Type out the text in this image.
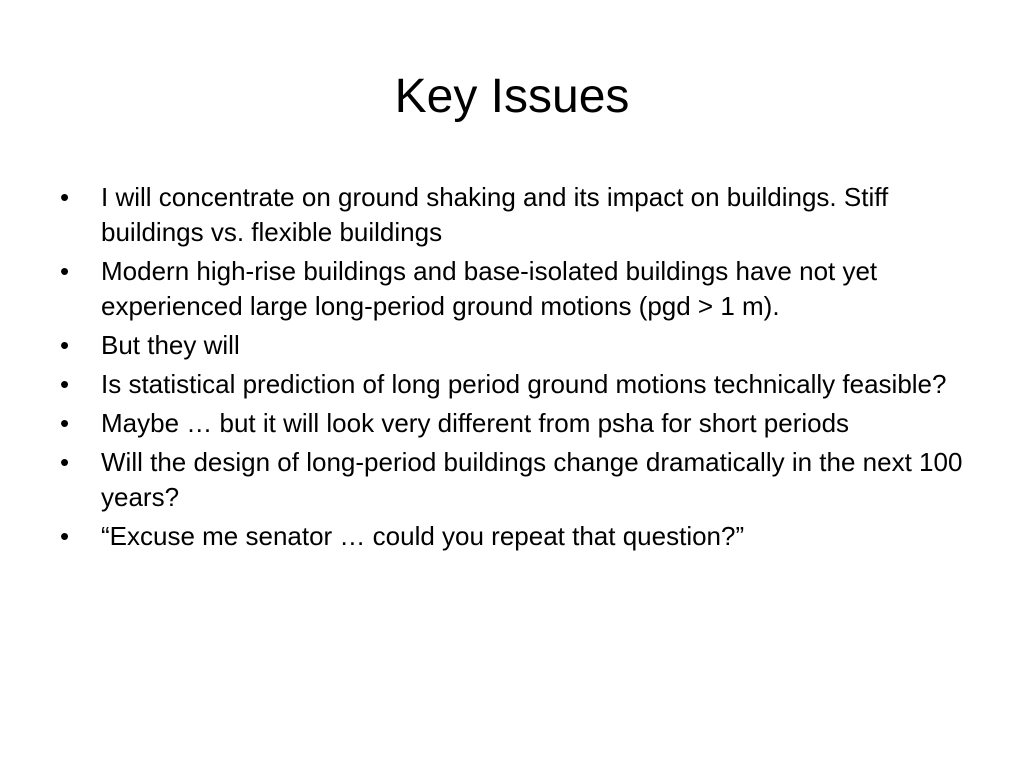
Key Issues
• I will concentrate on ground shaking and its impact on buildings. Stiff buildings vs. flexible buildings
• Modern high-rise buildings and base-isolated buildings have not yet experienced large long-period ground motions (pgd > 1 m).
• But they will
• Is statistical prediction of long period ground motions technically feasible?
• Maybe … but it will look very different from psha for short periods
• Will the design of long-period buildings change dramatically in the next 100 years?
• “Excuse me senator … could you repeat that question?”
